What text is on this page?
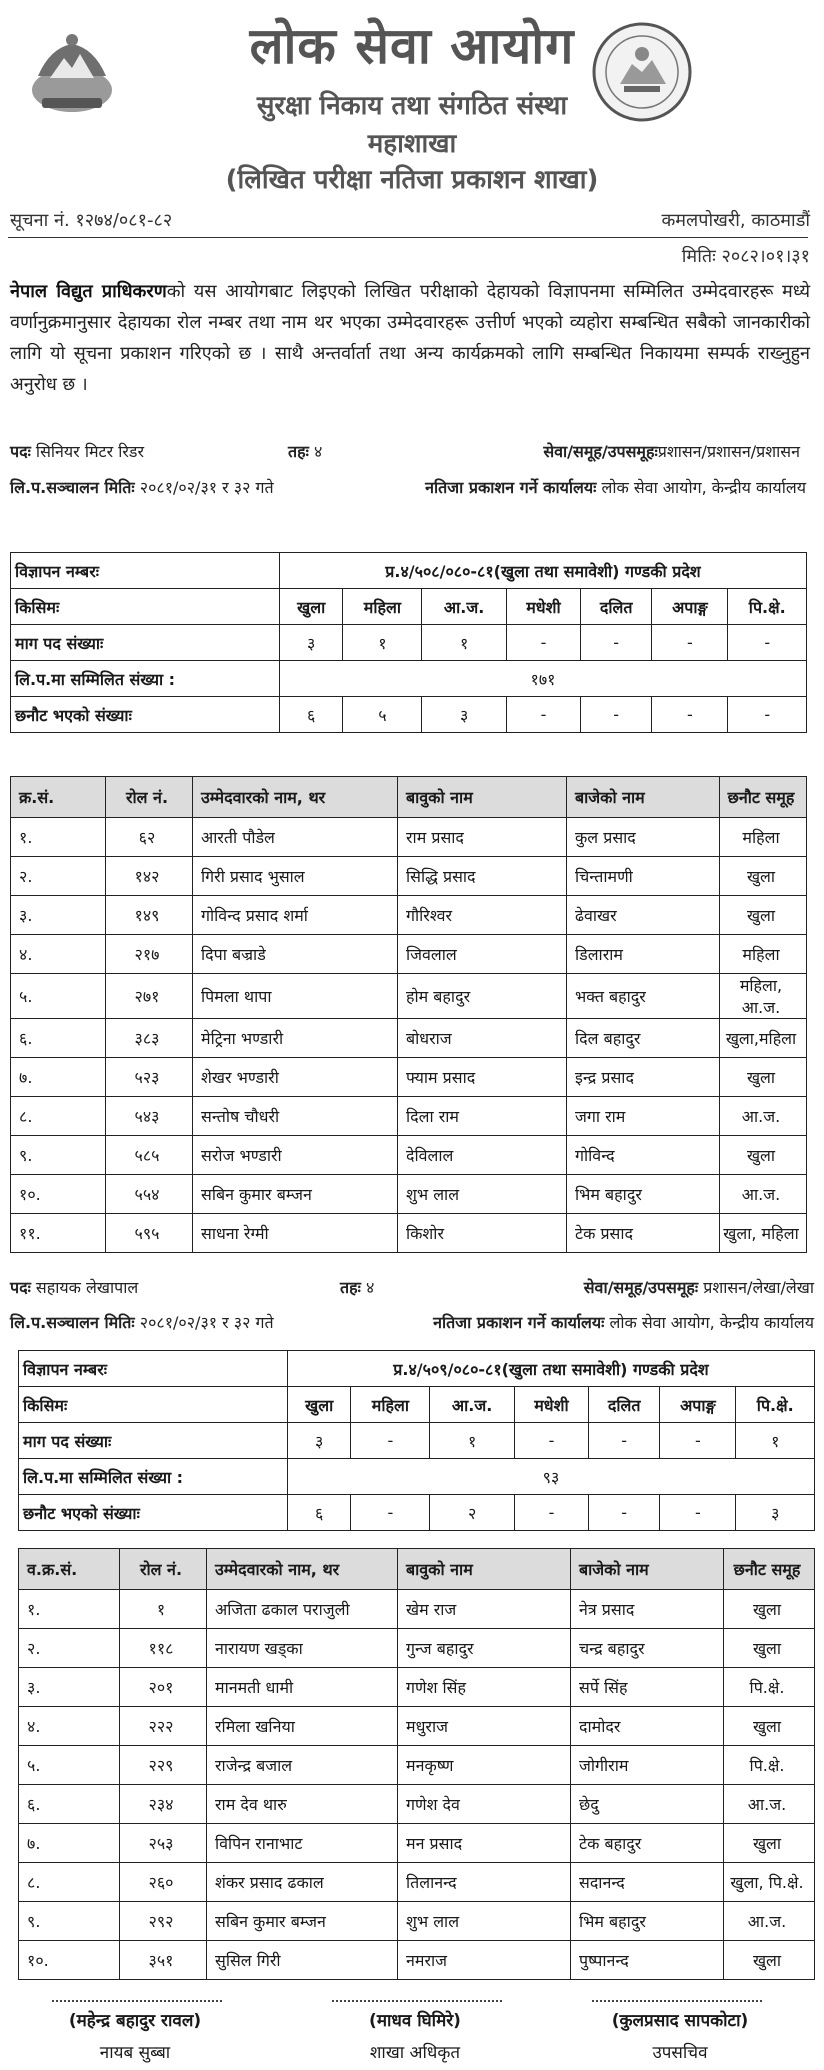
लोक सेवा आयोग
सुरक्षा निकाय तथा संगठित संस्था
महाशाखा
(लिखित परीक्षा नतिजा प्रकाशन शाखा)
सूचना नं. १२७४/०८१-८२	कमलपोखरी, काठमाडौं
मितिः २०८२।०१।३१
नेपाल विद्युत प्राधिकरणको यस आयोगबाट लिइएको लिखित परीक्षाको देहायको विज्ञापनमा सम्मिलित उम्मेदवारहरू मध्ये वर्णानुक्रमानुसार देहायका रोल नम्बर तथा नाम थर भएका उम्मेदवारहरू उत्तीर्ण भएको व्यहोरा सम्बन्धित सबैको जानकारीको लागि यो सूचना प्रकाशन गरिएको छ । साथै अन्तर्वार्ता तथा अन्य कार्यक्रमको लागि सम्बन्धित निकायमा सम्पर्क राख्नुहुन अनुरोध छ ।
पदः सिनियर मिटर रिडर	तहः ४	सेवा/समूह/उपसमूहःप्रशासन/प्रशासन/प्रशासन
लि.प.सञ्चालन मितिः २०८१/०२/३१ र ३२ गते	नतिजा प्रकाशन गर्ने कार्यालयः लोक सेवा आयोग, केन्द्रीय कार्यालय
विज्ञापन नम्बरः	प्र.४/५०८/०८०-८१(खुला तथा समावेशी) गण्डकी प्रदेश						
किसिमः	खुला	महिला	आ.ज.	मधेशी	दलित	अपाङ्ग	पि.क्षे.
माग पद संख्याः	३	१	१	-	-	-	-
लि.प.मा सम्मिलित संख्या :	१७१						
छनौट भएको संख्याः	६	५	३	-	-	-	-
क्र.सं.	रोल नं.	उम्मेदवारको नाम, थर	बावुको नाम	बाजेको नाम	छनौट समूह
१.	६२	आरती पौडेल	राम प्रसाद	कुल प्रसाद	महिला
२.	१४२	गिरी प्रसाद भुसाल	सिद्धि प्रसाद	चिन्तामणी	खुला
३.	१४९	गोविन्द प्रसाद शर्मा	गौरिश्वर	ढेवाखर	खुला
४.	२१७	दिपा बज्राडे	जिवलाल	डिलाराम	महिला
५.	२७१	पिमला थापा	होम बहादुर	भक्त बहादुर	महिला, आ.ज.
६.	३८३	मेट्रिना भण्डारी	बोधराज	दिल बहादुर	खुला,महिला
७.	५२३	शेखर भण्डारी	फ्याम प्रसाद	इन्द्र प्रसाद	खुला
८.	५४३	सन्तोष चौधरी	दिला राम	जगा राम	आ.ज.
९.	५८५	सरोज भण्डारी	देविलाल	गोविन्द	खुला
१०.	५५४	सबिन कुमार बम्जन	शुभ लाल	भिम बहादुर	आ.ज.
११.	५९५	साधना रेग्मी	किशोर	टेक प्रसाद	खुला, महिला
पदः सहायक लेखापाल	तहः ४	सेवा/समूह/उपसमूहः प्रशासन/लेखा/लेखा
लि.प.सञ्चालन मितिः २०८१/०२/३१ र ३२ गते	नतिजा प्रकाशन गर्ने कार्यालयः लोक सेवा आयोग, केन्द्रीय कार्यालय
विज्ञापन नम्बरः	प्र.४/५०९/०८०-८१(खुला तथा समावेशी) गण्डकी प्रदेश						
किसिमः	खुला	महिला	आ.ज.	मधेशी	दलित	अपाङ्ग	पि.क्षे.
माग पद संख्याः	३	-	१	-	-	-	१
लि.प.मा सम्मिलित संख्या :	९३						
छनौट भएको संख्याः	६	-	२	-	-	-	३
व.क्र.सं.	रोल नं.	उम्मेदवारको नाम, थर	बावुको नाम	बाजेको नाम	छनौट समूह
१.	१	अजिता ढकाल पराजुली	खेम राज	नेत्र प्रसाद	खुला
२.	११८	नारायण खड्का	गुन्ज बहादुर	चन्द्र बहादुर	खुला
३.	२०१	मानमती धामी	गणेश सिंह	सर्पे सिंह	पि.क्षे.
४.	२२२	रमिला खनिया	मधुराज	दामोदर	खुला
५.	२२९	राजेन्द्र बजाल	मनकृष्ण	जोगीराम	पि.क्षे.
६.	२३४	राम देव थारु	गणेश देव	छेदु	आ.ज.
७.	२५३	विपिन रानाभाट	मन प्रसाद	टेक बहादुर	खुला
८.	२६०	शंकर प्रसाद ढकाल	तिलानन्द	सदानन्द	खुला, पि.क्षे.
९.	२९२	सबिन कुमार बम्जन	शुभ लाल	भिम बहादुर	आ.ज.
१०.	३५१	सुसिल गिरी	नमराज	पुष्पानन्द	खुला
(महेन्द्र बहादुर रावल)
नायब सुब्बा
(माधव घिमिरे)
शाखा अधिकृत
(कुलप्रसाद सापकोटा)
उपसचिव
